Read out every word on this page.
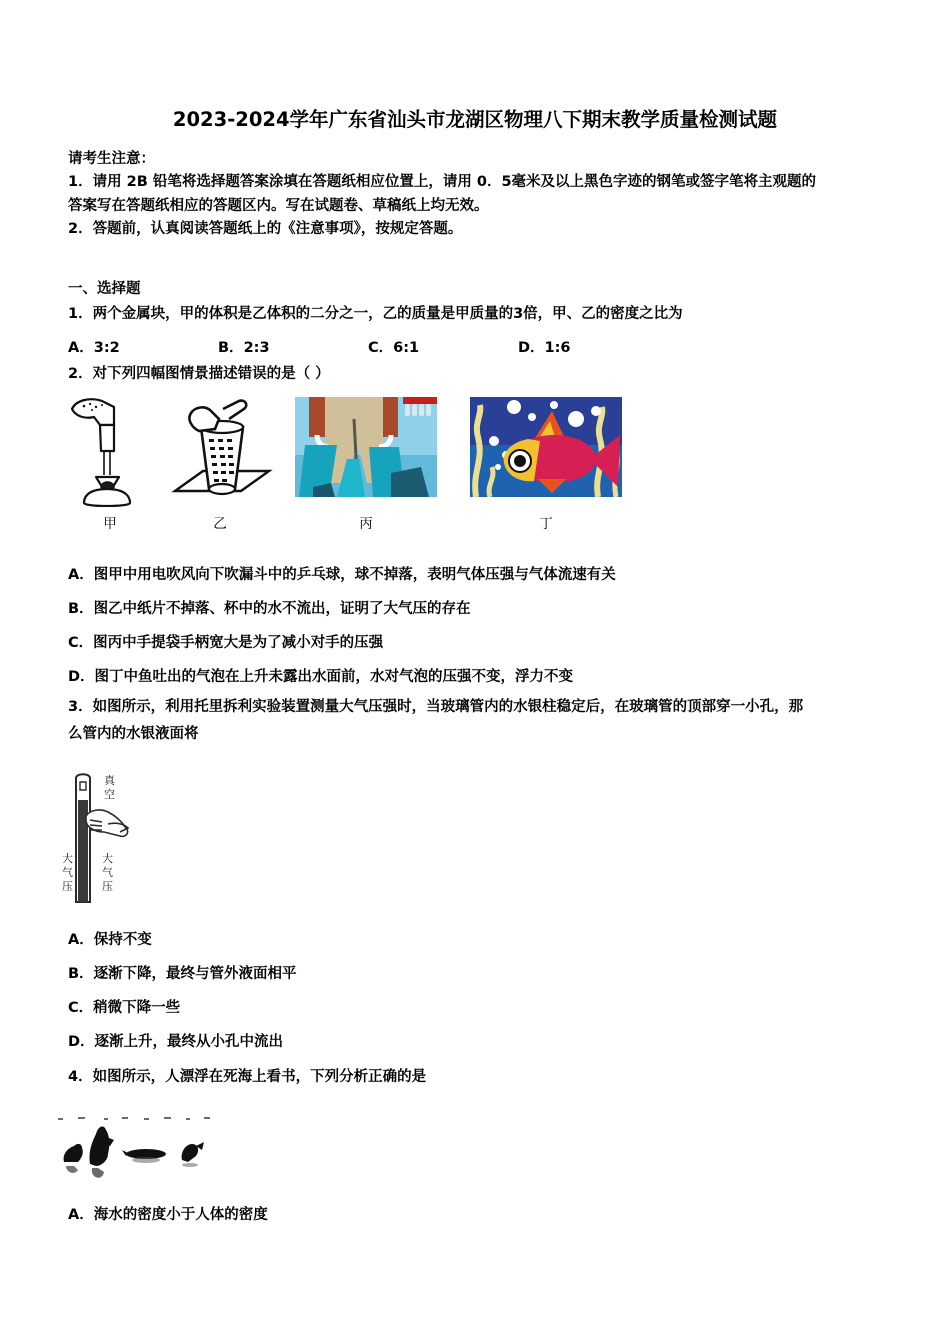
2023-2024学年广东省汕头市龙湖区物理八下期末教学质量检测试题

请考生注意：

1．请用 2B 铅笔将选择题答案涂填在答题纸相应位置上，请用 0．5毫米及以上黑色字迹的钢笔或签字笔将主观题的

答案写在答题纸相应的答题区内。写在试题卷、草稿纸上均无效。

2．答题前，认真阅读答题纸上的《注意事项》，按规定答题。

一、选择题
1．两个金属块，甲的体积是乙体积的二分之一，乙的质量是甲质量的3倍，甲、乙的密度之比为
A．3:2	B．2:3	C．6:1	D．1:6
2．对下列四幅图情景描述错误的是（ ）
甲	乙	丙	丁
A．图甲中用电吹风向下吹漏斗中的乒乓球，球不掉落，表明气体压强与气体流速有关
B．图乙中纸片不掉落、杯中的水不流出，证明了大气压的存在
C．图丙中手提袋手柄宽大是为了减小对手的压强
D．图丁中鱼吐出的气泡在上升未露出水面前，水对气泡的压强不变，浮力不变
3．如图所示，利用托里拆利实验装置测量大气压强时，当玻璃管内的水银柱稳定后，在玻璃管的顶部穿一小孔，那
么管内的水银液面将
真
空
大
气
压
大
气
压
A．保持不变
B．逐渐下降，最终与管外液面相平
C．稍微下降一些
D．逐渐上升，最终从小孔中流出
4．如图所示，人漂浮在死海上看书，下列分析正确的是
A．海水的密度小于人体的密度
